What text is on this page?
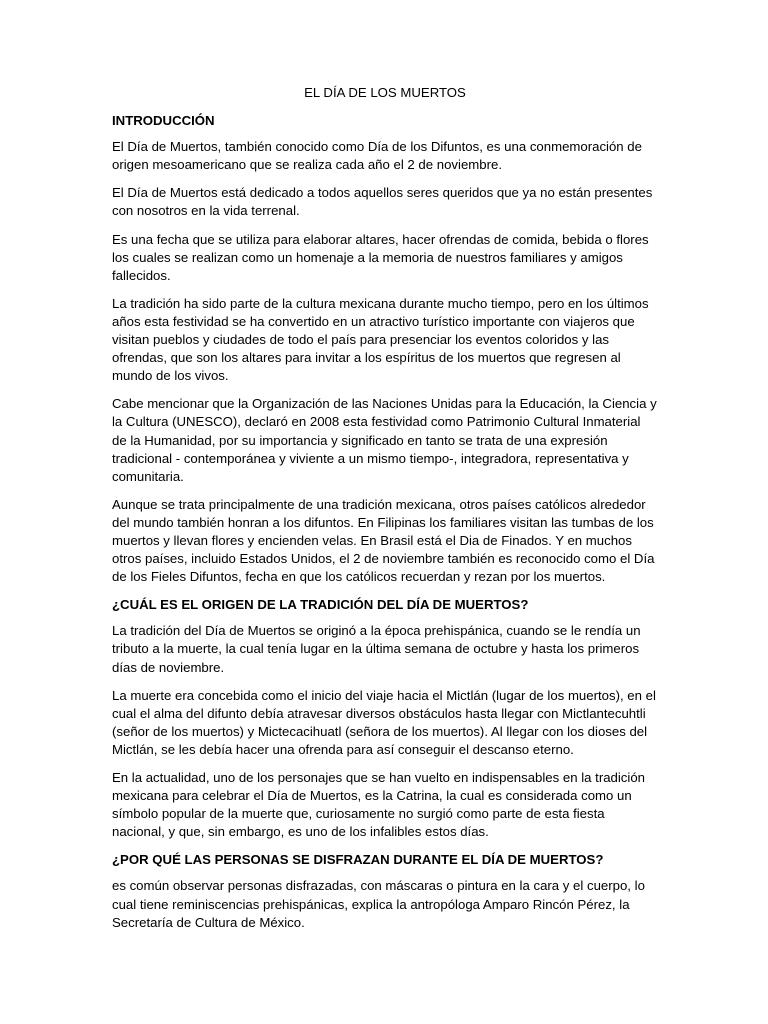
EL DÍA DE LOS MUERTOS
INTRODUCCIÓN

El Día de Muertos, también conocido como Día de los Difuntos, es una conmemoración de origen mesoamericano que se realiza cada año el 2 de noviembre.

El Día de Muertos está dedicado a todos aquellos seres queridos que ya no están presentes con nosotros en la vida terrenal.

Es una fecha que se utiliza para elaborar altares, hacer ofrendas de comida, bebida o flores los cuales se realizan como un homenaje a la memoria de nuestros familiares y amigos fallecidos.

La tradición ha sido parte de la cultura mexicana durante mucho tiempo, pero en los últimos años esta festividad se ha convertido en un atractivo turístico importante con viajeros que visitan pueblos y ciudades de todo el país para presenciar los eventos coloridos y las ofrendas, que son los altares para invitar a los espíritus de los muertos que regresen al mundo de los vivos.

Cabe mencionar que la Organización de las Naciones Unidas para la Educación, la Ciencia y la Cultura (UNESCO), declaró en 2008 esta festividad como Patrimonio Cultural Inmaterial de la Humanidad, por su importancia y significado en tanto se trata de una expresión tradicional - contemporánea y viviente a un mismo tiempo-, integradora, representativa y comunitaria.

Aunque se trata principalmente de una tradición mexicana, otros países católicos alrededor del mundo también honran a los difuntos. En Filipinas los familiares visitan las tumbas de los muertos y llevan flores y encienden velas. En Brasil está el Dia de Finados. Y en muchos otros países, incluido Estados Unidos, el 2 de noviembre también es reconocido como el Día de los Fieles Difuntos, fecha en que los católicos recuerdan y rezan por los muertos.

¿CUÁL ES EL ORIGEN DE LA TRADICIÓN DEL DÍA DE MUERTOS?

La tradición del Día de Muertos se originó a la época prehispánica, cuando se le rendía un tributo a la muerte, la cual tenía lugar en la última semana de octubre y hasta los primeros días de noviembre.

La muerte era concebida como el inicio del viaje hacia el Mictlán (lugar de los muertos), en el cual el alma del difunto debía atravesar diversos obstáculos hasta llegar con Mictlantecuhtli (señor de los muertos) y Mictecacihuatl (señora de los muertos). Al llegar con los dioses del Mictlán, se les debía hacer una ofrenda para así conseguir el descanso eterno.

En la actualidad, uno de los personajes que se han vuelto en indispensables en la tradición mexicana para celebrar el Día de Muertos, es la Catrina, la cual es considerada como un símbolo popular de la muerte que, curiosamente no surgió como parte de esta fiesta nacional, y que, sin embargo, es uno de los infalibles estos días.

¿POR QUÉ LAS PERSONAS SE DISFRAZAN DURANTE EL DÍA DE MUERTOS?

es común observar personas disfrazadas, con máscaras o pintura en la cara y el cuerpo, lo cual tiene reminiscencias prehispánicas, explica la antropóloga Amparo Rincón Pérez, la Secretaría de Cultura de México.
